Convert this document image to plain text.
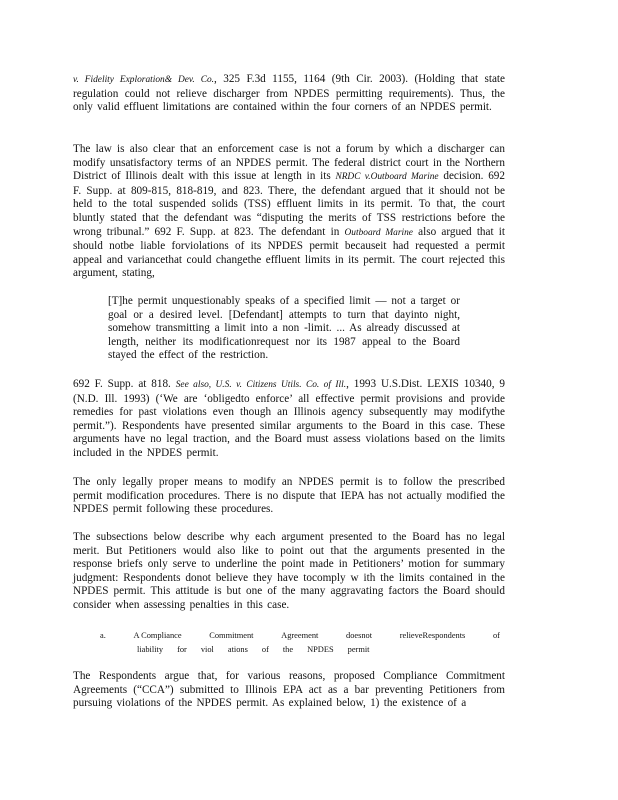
v. Fidelity Exploration& Dev. Co., 325 F.3d 1155, 1164 (9th Cir. 2003). (Holding that state regulation could not relieve discharger from NPDES permitting requirements). Thus, the only valid effluent limitations are contained within the four corners of an NPDES permit.

The law is also clear that an enforcement case is not a forum by which a discharger can modify unsatisfactory terms of an NPDES permit. The federal district court in the Northern District of Illinois dealt with this issue at length in its NRDC v.Outboard Marine decision. 692 F. Supp. at 809-815, 818-819, and 823. There, the defendant argued that it should not be held to the total suspended solids (TSS) effluent limits in its permit. To that, the court bluntly stated that the defendant was “disputing the merits of TSS restrictions before the wrong tribunal.” 692 F. Supp. at 823. The defendant in Outboard Marine also argued that it should notbe liable forviolations of its NPDES permit becauseit had requested a permit appeal and variancethat could changethe effluent limits in its permit. The court rejected this argument, stating,

[T]he permit unquestionably speaks of a specified limit — not a target or goal or a desired level. [Defendant] attempts to turn that dayinto night, somehow transmitting a limit into a non -limit. ... As already discussed at length, neither its modificationrequest nor its 1987 appeal to the Board stayed the effect of the restriction.

692 F. Supp. at 818. See also, U.S. v. Citizens Utils. Co. of Ill., 1993 U.S.Dist. LEXIS 10340, 9 (N.D. Ill. 1993) (‘We are ‘obligedto enforce’ all effective permit provisions and provide remedies for past violations even though an Illinois agency subsequently may modifythe permit.”). Respondents have presented similar arguments to the Board in this case. These arguments have no legal traction, and the Board must assess violations based on the limits included in the NPDES permit.

The only legally proper means to modify an NPDES permit is to follow the prescribed permit modification procedures. There is no dispute that IEPA has not actually modified the NPDES permit following these procedures.

The subsections below describe why each argument presented to the Board has no legal merit. But Petitioners would also like to point out that the arguments presented in the response briefs only serve to underline the point made in Petitioners’ motion for summary judgment: Respondents donot believe they have tocomply w ith the limits contained in the NPDES permit. This attitude is but one of the many aggravating factors the Board should consider when assessing penalties in this case.

a.	A Compliance	Commitment	Agreement	doesnot	relieveRespondents	of
liability for viol ations of the NPDES permit

The Respondents argue that, for various reasons, proposed Compliance Commitment Agreements (“CCA”) submitted to Illinois EPA act as a bar preventing Petitioners from pursuing violations of the NPDES permit. As explained below, 1) the existence of a
